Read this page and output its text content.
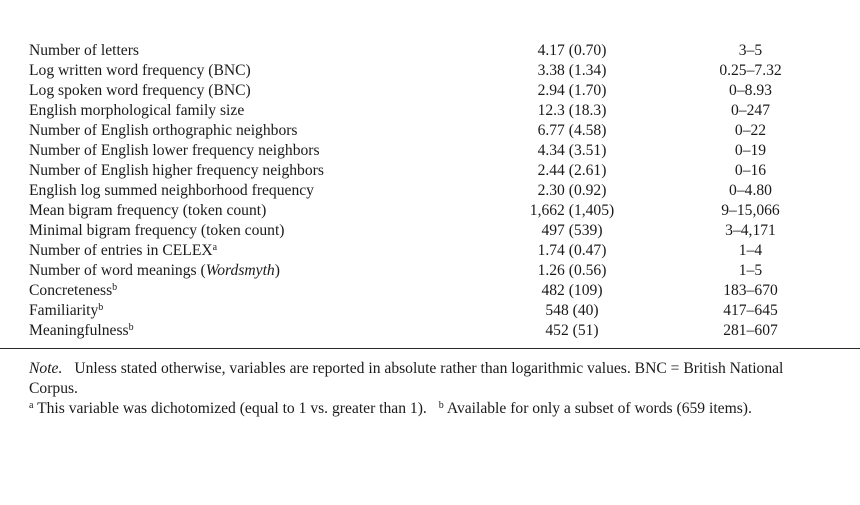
Number of letters	4.17 (0.70)	3–5
Log written word frequency (BNC)	3.38 (1.34)	0.25–7.32
Log spoken word frequency (BNC)	2.94 (1.70)	0–8.93
English morphological family size	12.3 (18.3)	0–247
Number of English orthographic neighbors	6.77 (4.58)	0–22
Number of English lower frequency neighbors	4.34 (3.51)	0–19
Number of English higher frequency neighbors	2.44 (2.61)	0–16
English log summed neighborhood frequency	2.30 (0.92)	0–4.80
Mean bigram frequency (token count)	1,662 (1,405)	9–15,066
Minimal bigram frequency (token count)	497 (539)	3–4,171
Number of entries in CELEX$^a$	1.74 (0.47)	1–4
Number of word meanings (Wordsmyth)	1.26 (0.56)	1–5
Concreteness$^b$	482 (109)	183–670
Familiarity$^b$	548 (40)	417–645
Meaningfulness$^b$	452 (51)	281–607

Note. Unless stated otherwise, variables are reported in absolute rather than logarithmic values. BNC = British National Corpus.

$^a$ This variable was dichotomized (equal to 1 vs. greater than 1). $^b$ Available for only a subset of words (659 items).
